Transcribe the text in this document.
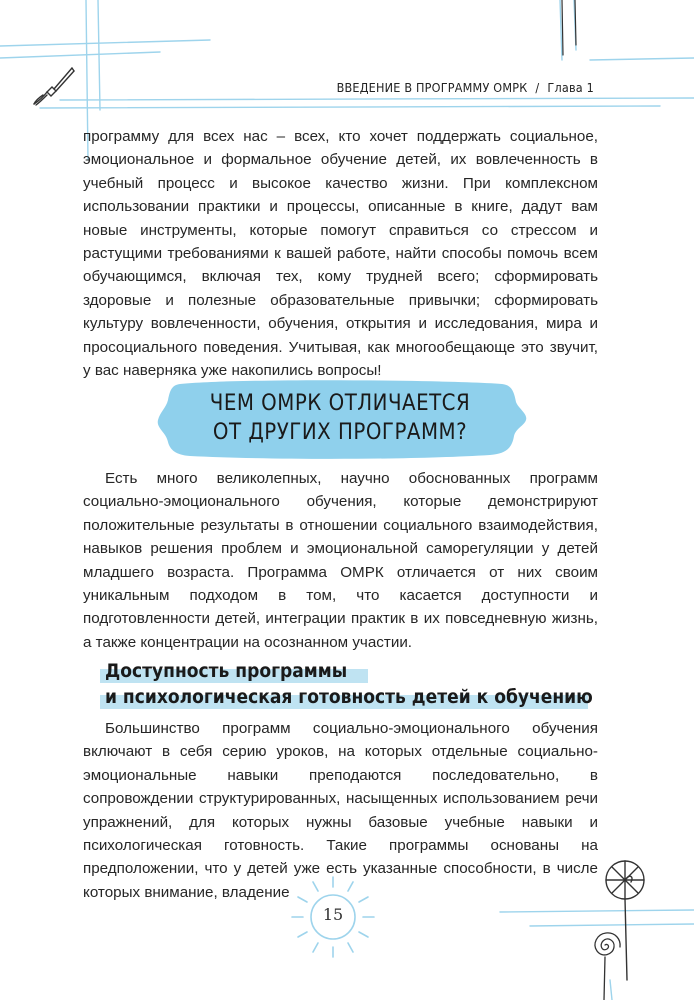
ВВЕДЕНИЕ В ПРОГРАММУ ОМРК / Глава 1

программу для всех нас – всех, кто хочет поддержать социальное, эмоциональное и формальное обучение детей, их вовлеченность в учебный процесс и высокое качество жизни. При комплексном использовании практики и процессы, описанные в книге, дадут вам новые инструменты, которые помогут справиться со стрессом и растущими требованиями к вашей работе, найти способы помочь всем обучающимся, включая тех, кому трудней всего; сформировать здоровые и полезные образовательные привычки; сформировать культуру вовлеченности, обучения, открытия и исследования, мира и просоциального поведения. Учитывая, как многообещающе это звучит, у вас наверняка уже накопились вопросы!

ЧЕМ ОМРК ОТЛИЧАЕТСЯ
ОТ ДРУГИХ ПРОГРАММ?

Есть много великолепных, научно обоснованных программ социально-эмоционального обучения, которые демонстрируют положительные результаты в отношении социального взаимодействия, навыков решения проблем и эмоциональной саморегуляции у детей младшего возраста. Программа ОМРК отличается от них своим уникальным подходом в том, что касается доступности и подготовленности детей, интеграции практик в их повседневную жизнь, а также концентрации на осознанном участии.

Доступность программы
и психологическая готовность детей к обучению

Большинство программ социально-эмоционального обучения включают в себя серию уроков, на которых отдельные социально-эмоциональные навыки преподаются последовательно, в сопровождении структурированных, насыщенных использованием речи упражнений, для которых нужны базовые учебные навыки и психологическая готовность. Такие программы основаны на предположении, что у детей уже есть указанные способности, в числе которых внимание, владение

15
